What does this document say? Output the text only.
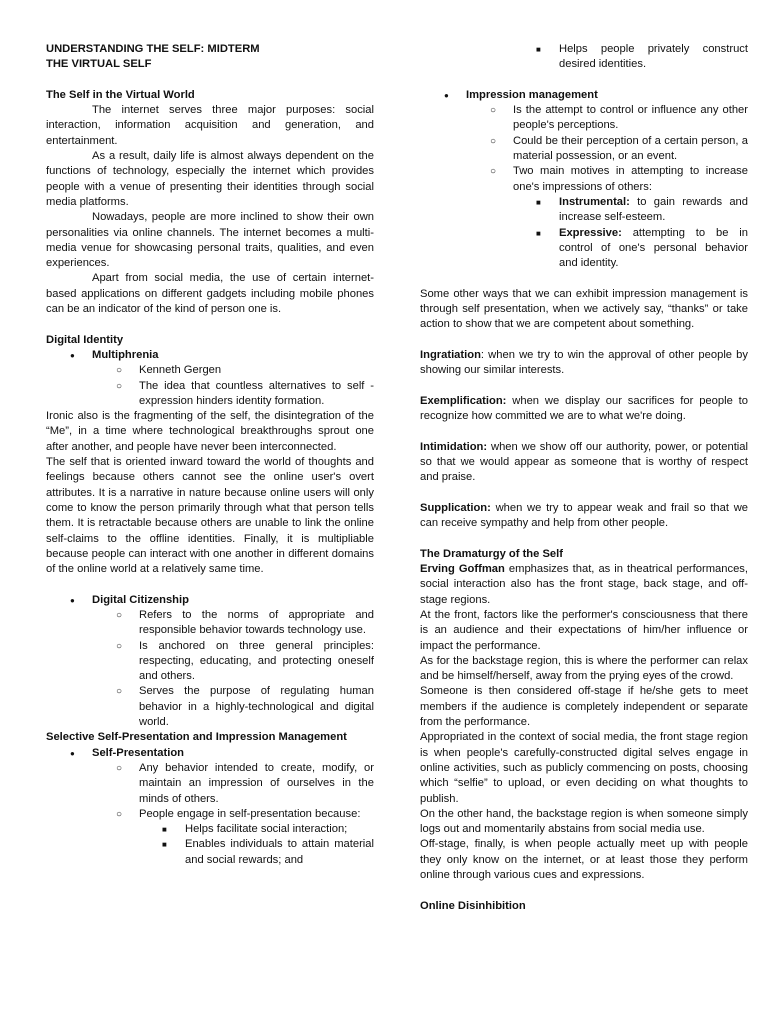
UNDERSTANDING THE SELF: MIDTERM
THE VIRTUAL SELF
The Self in the Virtual World

The internet serves three major purposes: social interaction, information acquisition and generation, and entertainment.

As a result, daily life is almost always dependent on the functions of technology, especially the internet which provides people with a venue of presenting their identities through social media platforms.

Nowadays, people are more inclined to show their own personalities via online channels. The internet becomes a multi-media venue for showcasing personal traits, qualities, and even experiences.

Apart from social media, the use of certain internet-based applications on different gadgets including mobile phones can be an indicator of the kind of person one is.

Digital Identity
●
Multiphrenia
○
Kenneth Gergen
○
The idea that countless alternatives to self - expression hinders identity formation.

Ironic also is the fragmenting of the self, the disintegration of the “Me”, in a time where technological breakthroughs sprout one after another, and people have never been interconnected.

The self that is oriented inward toward the world of thoughts and feelings because others cannot see the online user's overt attributes. It is a narrative in nature because online users will only come to know the person primarily through what that person tells them. It is retractable because others are unable to link the online self-claims to the offline identities. Finally, it is multipliable because people can interact with one another in different domains of the online world at a relatively same time.

●
Digital Citizenship
○
Refers to the norms of appropriate and responsible behavior towards technology use.
○
Is anchored on three general principles: respecting, educating, and protecting oneself and others.
○
Serves the purpose of regulating human behavior in a highly-technological and digital world.
Selective Self-Presentation and Impression Management
●
Self-Presentation
○
Any behavior intended to create, modify, or maintain an impression of ourselves in the minds of others.
○
People engage in self-presentation because:
■
Helps facilitate social interaction;
■
Enables individuals to attain material and social rewards; and
■
Helps people privately construct desired identities.
●
Impression management
○
Is the attempt to control or influence any other people's perceptions.
○
Could be their perception of a certain person, a material possession, or an event.
○
Two main motives in attempting to increase one's impressions of others:
■
Instrumental: to gain rewards and increase self-esteem.
■
Expressive: attempting to be in control of one's personal behavior and identity.

Some other ways that we can exhibit impression management is through self presentation, when we actively say, “thanks” or take action to show that we are competent about something.

Ingratiation: when we try to win the approval of other people by showing our similar interests.

Exemplification: when we display our sacrifices for people to recognize how committed we are to what we're doing.

Intimidation: when we show off our authority, power, or potential so that we would appear as someone that is worthy of respect and praise.

Supplication: when we try to appear weak and frail so that we can receive sympathy and help from other people.

The Dramaturgy of the Self

Erving Goffman emphasizes that, as in theatrical performances, social interaction also has the front stage, back stage, and off-stage regions.

At the front, factors like the performer's consciousness that there is an audience and their expectations of him/her influence or impact the performance.

As for the backstage region, this is where the performer can relax and be himself/herself, away from the prying eyes of the crowd.

Someone is then considered off-stage if he/she gets to meet members if the audience is completely independent or separate from the performance.

Appropriated in the context of social media, the front stage region is when people's carefully-constructed digital selves engage in online activities, such as publicly commencing on posts, choosing which “selfie” to upload, or even deciding on what thoughts to publish.

On the other hand, the backstage region is when someone simply logs out and momentarily abstains from social media use.

Off-stage, finally, is when people actually meet up with people they only know on the internet, or at least those they perform online through various cues and expressions.

Online Disinhibition
